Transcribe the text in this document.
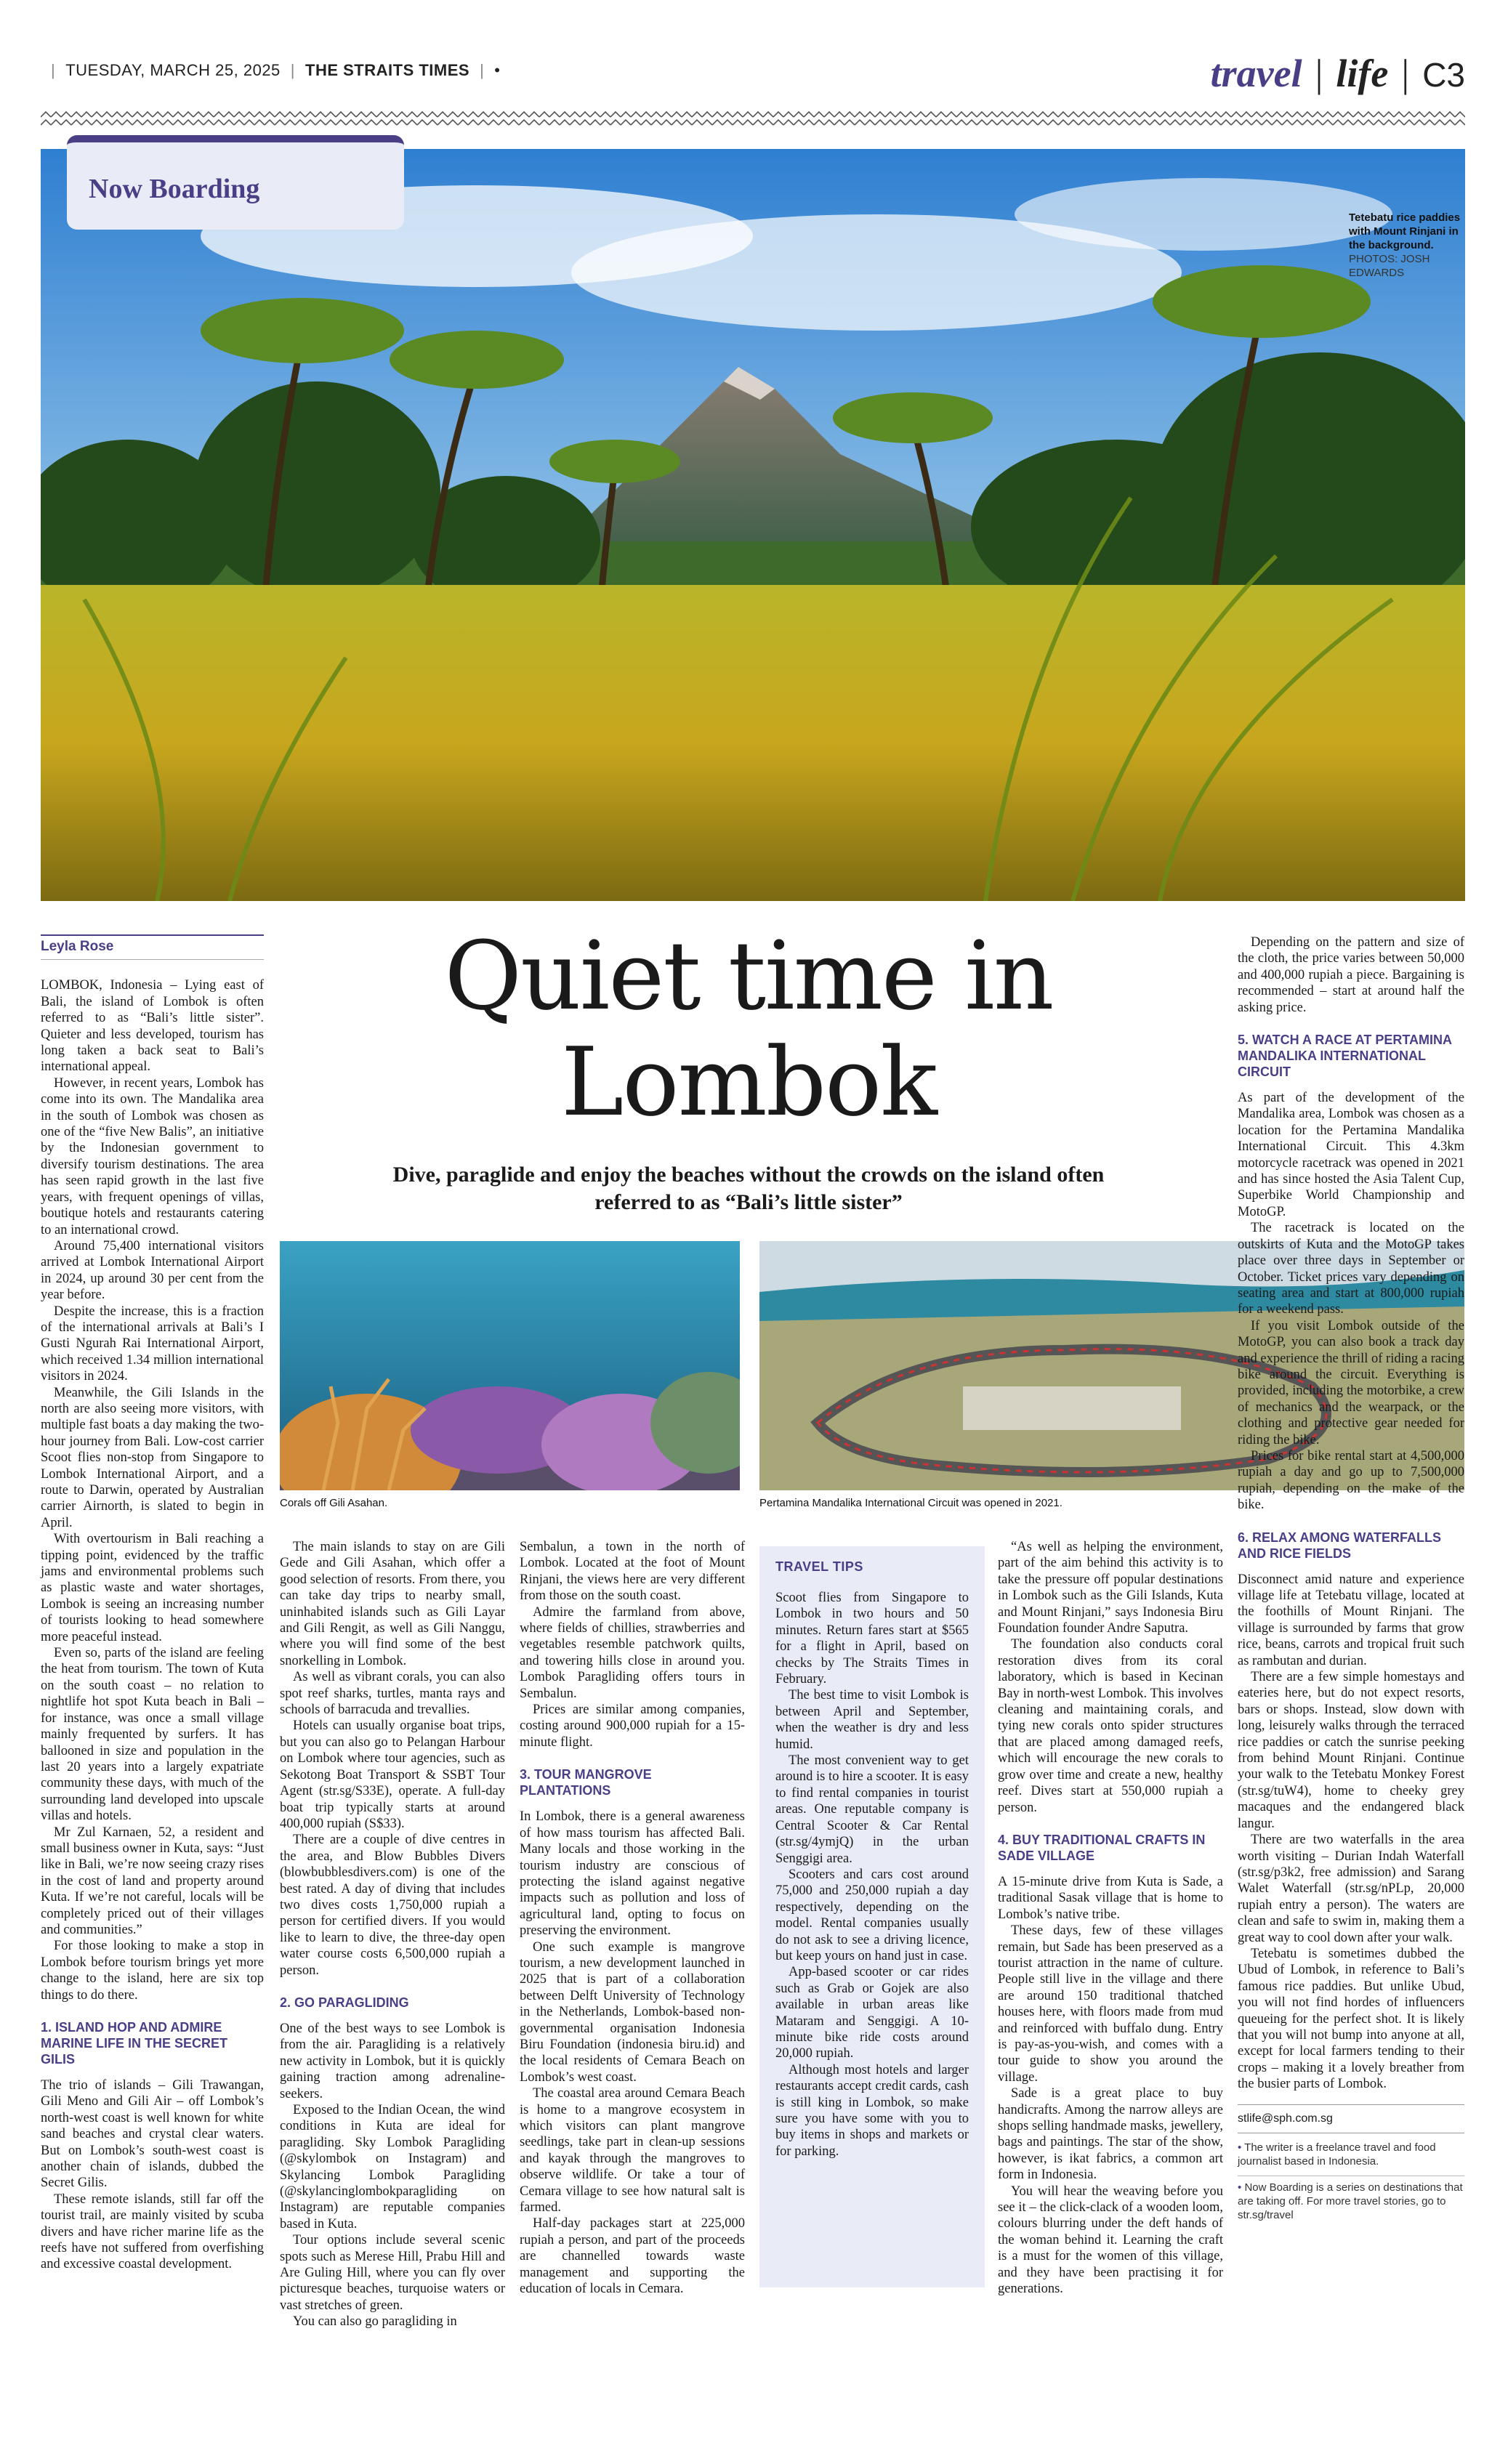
| TUESDAY, MARCH 25, 2025 | THE STRAITS TIMES | •	travel | life | C3
Now Boarding
Tetebatu rice paddies with Mount Rinjani in the background.
PHOTOS: JOSH EDWARDS
Quiet time in
Lombok
Dive, paraglide and enjoy the beaches without the crowds on the island often referred to as “Bali’s little sister”
Corals off Gili Asahan.	Pertamina Mandalika International Circuit was opened in 2021.
Leyla Rose

LOMBOK, Indonesia – Lying east of Bali, the island of Lombok is often referred to as “Bali’s little sister”. Quieter and less developed, tourism has long taken a back seat to Bali’s international appeal.

However, in recent years, Lombok has come into its own. The Mandalika area in the south of Lombok was chosen as one of the “five New Balis”, an initiative by the Indonesian government to diversify tourism destinations. The area has seen rapid growth in the last five years, with frequent openings of villas, boutique hotels and restaurants catering to an international crowd.

Around 75,400 international visitors arrived at Lombok International Airport in 2024, up around 30 per cent from the year before.

Despite the increase, this is a fraction of the international arrivals at Bali’s I Gusti Ngurah Rai International Airport, which received 1.34 million international visitors in 2024.

Meanwhile, the Gili Islands in the north are also seeing more visitors, with multiple fast boats a day making the two-hour journey from Bali. Low-cost carrier Scoot flies non-stop from Singapore to Lombok International Airport, and a route to Darwin, operated by Australian carrier Airnorth, is slated to begin in April.

With overtourism in Bali reaching a tipping point, evidenced by the traffic jams and environmental problems such as plastic waste and water shortages, Lombok is seeing an increasing number of tourists looking to head somewhere more peaceful instead.

Even so, parts of the island are feeling the heat from tourism. The town of Kuta on the south coast – no relation to nightlife hot spot Kuta beach in Bali – for instance, was once a small village mainly frequented by surfers. It has ballooned in size and population in the last 20 years into a largely expatriate community these days, with much of the surrounding land developed into upscale villas and hotels.

Mr Zul Karnaen, 52, a resident and small business owner in Kuta, says: “Just like in Bali, we’re now seeing crazy rises in the cost of land and property around Kuta. If we’re not careful, locals will be completely priced out of their villages and communities.”

For those looking to make a stop in Lombok before tourism brings yet more change to the island, here are six top things to do there.

1. ISLAND HOP AND ADMIRE MARINE LIFE IN THE SECRET GILIS

The trio of islands – Gili Trawangan, Gili Meno and Gili Air – off Lombok’s north-west coast is well known for white sand beaches and crystal clear waters. But on Lombok’s south-west coast is another chain of islands, dubbed the Secret Gilis.

These remote islands, still far off the tourist trail, are mainly visited by scuba divers and have richer marine life as the reefs have not suffered from overfishing and excessive coastal development.

The main islands to stay on are Gili Gede and Gili Asahan, which offer a good selection of resorts. From there, you can take day trips to nearby small, uninhabited islands such as Gili Layar and Gili Rengit, as well as Gili Nanggu, where you will find some of the best snorkelling in Lombok.

As well as vibrant corals, you can also spot reef sharks, turtles, manta rays and schools of barracuda and trevallies.

Hotels can usually organise boat trips, but you can also go to Pelangan Harbour on Lombok where tour agencies, such as Sekotong Boat Transport & SSBT Tour Agent (str.sg/S33E), operate. A full-day boat trip typically starts at around 400,000 rupiah (S$33).

There are a couple of dive centres in the area, and Blow Bubbles Divers (blowbubblesdivers.com) is one of the best rated. A day of diving that includes two dives costs 1,750,000 rupiah a person for certified divers. If you would like to learn to dive, the three-day open water course costs 6,500,000 rupiah a person.

2. GO PARAGLIDING

One of the best ways to see Lombok is from the air. Paragliding is a relatively new activity in Lombok, but it is quickly gaining traction among adrenaline-seekers.

Exposed to the Indian Ocean, the wind conditions in Kuta are ideal for paragliding. Sky Lombok Paragliding (@skylombok on Instagram) and Skylancing Lombok Paragliding (@skylancinglombokparagliding on Instagram) are reputable companies based in Kuta.

Tour options include several scenic spots such as Merese Hill, Prabu Hill and Are Guling Hill, where you can fly over picturesque beaches, turquoise waters or vast stretches of green.

You can also go paragliding in

Sembalun, a town in the north of Lombok. Located at the foot of Mount Rinjani, the views here are very different from those on the south coast.

Admire the farmland from above, where fields of chillies, strawberries and vegetables resemble patchwork quilts, and towering hills close in around you. Lombok Paragliding offers tours in Sembalun.

Prices are similar among companies, costing around 900,000 rupiah for a 15-minute flight.

3. TOUR MANGROVE PLANTATIONS

In Lombok, there is a general awareness of how mass tourism has affected Bali. Many locals and those working in the tourism industry are conscious of protecting the island against negative impacts such as pollution and loss of agricultural land, opting to focus on preserving the environment.

One such example is mangrove tourism, a new development launched in 2025 that is part of a collaboration between Delft University of Technology in the Netherlands, Lombok-based non-governmental organisation Indonesia Biru Foundation (indonesia biru.id) and the local residents of Cemara Beach on Lombok’s west coast.

The coastal area around Cemara Beach is home to a mangrove ecosystem in which visitors can plant mangrove seedlings, take part in clean-up sessions and kayak through the mangroves to observe wildlife. Or take a tour of Cemara village to see how natural salt is farmed.

Half-day packages start at 225,000 rupiah a person, and part of the proceeds are channelled towards waste management and supporting the education of locals in Cemara.

TRAVEL TIPS

Scoot flies from Singapore to Lombok in two hours and 50 minutes. Return fares start at $565 for a flight in April, based on checks by The Straits Times in February.

The best time to visit Lombok is between April and September, when the weather is dry and less humid.

The most convenient way to get around is to hire a scooter. It is easy to find rental companies in tourist areas. One reputable company is Central Scooter & Car Rental (str.sg/4ymjQ) in the urban Senggigi area.

Scooters and cars cost around 75,000 and 250,000 rupiah a day respectively, depending on the model. Rental companies usually do not ask to see a driving licence, but keep yours on hand just in case.

App-based scooter or car rides such as Grab or Gojek are also available in urban areas like Mataram and Senggigi. A 10-minute bike ride costs around 20,000 rupiah.

Although most hotels and larger restaurants accept credit cards, cash is still king in Lombok, so make sure you have some with you to buy items in shops and markets or for parking.

“As well as helping the environment, part of the aim behind this activity is to take the pressure off popular destinations in Lombok such as the Gili Islands, Kuta and Mount Rinjani,” says Indonesia Biru Foundation founder Andre Saputra.

The foundation also conducts coral restoration dives from its coral laboratory, which is based in Kecinan Bay in north-west Lombok. This involves cleaning and maintaining corals, and tying new corals onto spider structures that are placed among damaged reefs, which will encourage the new corals to grow over time and create a new, healthy reef. Dives start at 550,000 rupiah a person.

4. BUY TRADITIONAL CRAFTS IN SADE VILLAGE

A 15-minute drive from Kuta is Sade, a traditional Sasak village that is home to Lombok’s native tribe.

These days, few of these villages remain, but Sade has been preserved as a tourist attraction in the name of culture. People still live in the village and there are around 150 traditional thatched houses here, with floors made from mud and reinforced with buffalo dung. Entry is pay-as-you-wish, and comes with a tour guide to show you around the village.

Sade is a great place to buy handicrafts. Among the narrow alleys are shops selling handmade masks, jewellery, bags and paintings. The star of the show, however, is ikat fabrics, a common art form in Indonesia.

You will hear the weaving before you see it – the click-clack of a wooden loom, colours blurring under the deft hands of the woman behind it. Learning the craft is a must for the women of this village, and they have been practising it for generations.

Depending on the pattern and size of the cloth, the price varies between 50,000 and 400,000 rupiah a piece. Bargaining is recommended – start at around half the asking price.

5. WATCH A RACE AT PERTAMINA MANDALIKA INTERNATIONAL CIRCUIT

As part of the development of the Mandalika area, Lombok was chosen as a location for the Pertamina Mandalika International Circuit. This 4.3km motorcycle racetrack was opened in 2021 and has since hosted the Asia Talent Cup, Superbike World Championship and MotoGP.

The racetrack is located on the outskirts of Kuta and the MotoGP takes place over three days in September or October. Ticket prices vary depending on seating area and start at 800,000 rupiah for a weekend pass.

If you visit Lombok outside of the MotoGP, you can also book a track day and experience the thrill of riding a racing bike around the circuit. Everything is provided, including the motorbike, a crew of mechanics and the wearpack, or the clothing and protective gear needed for riding the bike.

Prices for bike rental start at 4,500,000 rupiah a day and go up to 7,500,000 rupiah, depending on the make of the bike.

6. RELAX AMONG WATERFALLS AND RICE FIELDS

Disconnect amid nature and experience village life at Tetebatu village, located at the foothills of Mount Rinjani. The village is surrounded by farms that grow rice, beans, carrots and tropical fruit such as rambutan and durian.

There are a few simple homestays and eateries here, but do not expect resorts, bars or shops. Instead, slow down with long, leisurely walks through the terraced rice paddies or catch the sunrise peeking from behind Mount Rinjani. Continue your walk to the Tetebatu Monkey Forest (str.sg/tuW4), home to cheeky grey macaques and the endangered black langur.

There are two waterfalls in the area worth visiting – Durian Indah Waterfall (str.sg/p3k2, free admission) and Sarang Walet Waterfall (str.sg/nPLp, 20,000 rupiah entry a person). The waters are clean and safe to swim in, making them a great way to cool down after your walk.

Tetebatu is sometimes dubbed the Ubud of Lombok, in reference to Bali’s famous rice paddies. But unlike Ubud, you will not find hordes of influencers queueing for the perfect shot. It is likely that you will not bump into anyone at all, except for local farmers tending to their crops – making it a lovely breather from the busier parts of Lombok.

stlife@sph.com.sg

• The writer is a freelance travel and food journalist based in Indonesia.

• Now Boarding is a series on destinations that are taking off. For more travel stories, go to str.sg/travel
